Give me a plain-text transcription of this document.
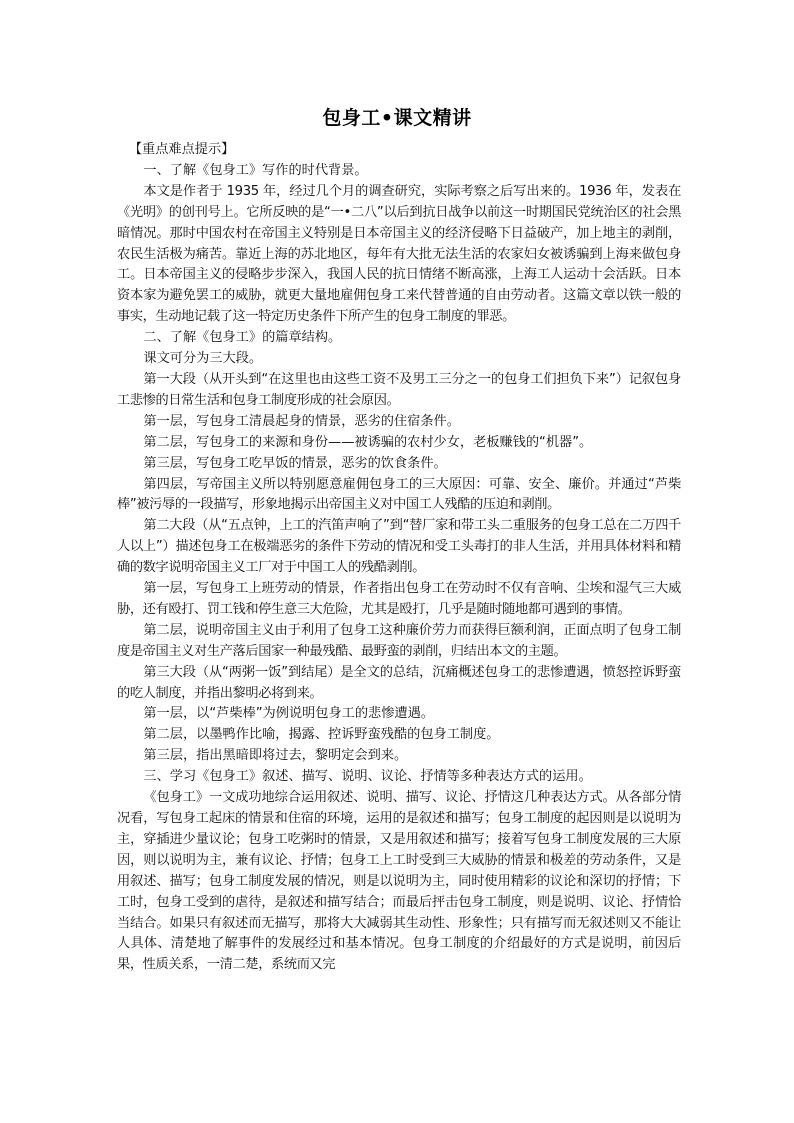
包身工•课文精讲

【重点难点提示】

一、了解《包身工》写作的时代背景。

本文是作者于 1935 年，经过几个月的调查研究，实际考察之后写出来的。1936 年，发表在《光明》的创刊号上。它所反映的是“一•二八”以后到抗日战争以前这一时期国民党统治区的社会黑暗情况。那时中国农村在帝国主义特别是日本帝国主义的经济侵略下日益破产，加上地主的剥削，农民生活极为痛苦。靠近上海的苏北地区，每年有大批无法生活的农家妇女被诱骗到上海来做包身工。日本帝国主义的侵略步步深入，我国人民的抗日情绪不断高涨，上海工人运动十会活跃。日本资本家为避免罢工的威胁，就更大量地雇佣包身工来代替普通的自由劳动者。这篇文章以铁一般的事实，生动地记载了这一特定历史条件下所产生的包身工制度的罪恶。

二、了解《包身工》的篇章结构。

课文可分为三大段。

第一大段（从开头到“在这里也由这些工资不及男工三分之一的包身工们担负下来”）记叙包身工悲惨的日常生活和包身工制度形成的社会原因。

第一层，写包身工清晨起身的情景，恶劣的住宿条件。

第二层，写包身工的来源和身份——被诱骗的农村少女，老板赚钱的“机器”。

第三层，写包身工吃早饭的情景，恶劣的饮食条件。

第四层，写帝国主义所以特别愿意雇佣包身工的三大原因：可靠、安全、廉价。并通过“芦柴棒”被污辱的一段描写，形象地揭示出帝国主义对中国工人残酷的压迫和剥削。

第二大段（从“五点钟，上工的汽笛声响了”到“替厂家和带工头二重服务的包身工总在二万四千人以上”）描述包身工在极端恶劣的条件下劳动的情况和受工头毒打的非人生活，并用具体材料和精确的数字说明帝国主义工厂对于中国工人的残酷剥削。

第一层，写包身工上班劳动的情景，作者指出包身工在劳动时不仅有音响、尘埃和湿气三大威胁，还有殴打、罚工钱和停生意三大危险，尤其是殴打，几乎是随时随地都可遇到的事情。

第二层，说明帝国主义由于利用了包身工这种廉价劳力而获得巨额利润，正面点明了包身工制度是帝国主义对生产落后国家一种最残酷、最野蛮的剥削，归结出本文的主题。

第三大段（从“两粥一饭”到结尾）是全文的总结，沉痛概述包身工的悲惨遭遇，愤怒控诉野蛮的吃人制度，并指出黎明必将到来。

第一层，以“芦柴棒”为例说明包身工的悲惨遭遇。

第二层，以墨鸭作比喻，揭露、控诉野蛮残酷的包身工制度。

第三层，指出黑暗即将过去，黎明定会到来。

三、学习《包身工》叙述、描写、说明、议论、抒情等多种表达方式的运用。

《包身工》一文成功地综合运用叙述、说明、描写、议论、抒情这几种表达方式。从各部分情况看，写包身工起床的情景和住宿的环境，运用的是叙述和描写；包身工制度的起因则是以说明为主，穿插进少量议论；包身工吃粥时的情景，又是用叙述和描写；接着写包身工制度发展的三大原因，则以说明为主，兼有议论、抒情；包身工上工时受到三大威胁的情景和极差的劳动条件，又是用叙述、描写；包身工制度发展的情况，则是以说明为主，同时使用精彩的议论和深切的抒情；下工时，包身工受到的虐待，是叙述和描写结合；而最后抨击包身工制度，则是说明、议论、抒情恰当结合。如果只有叙述而无描写，那将大大减弱其生动性、形象性；只有描写而无叙述则又不能让人具体、清楚地了解事件的发展经过和基本情况。包身工制度的介绍最好的方式是说明，前因后果，性质关系，一清二楚，系统而又完
